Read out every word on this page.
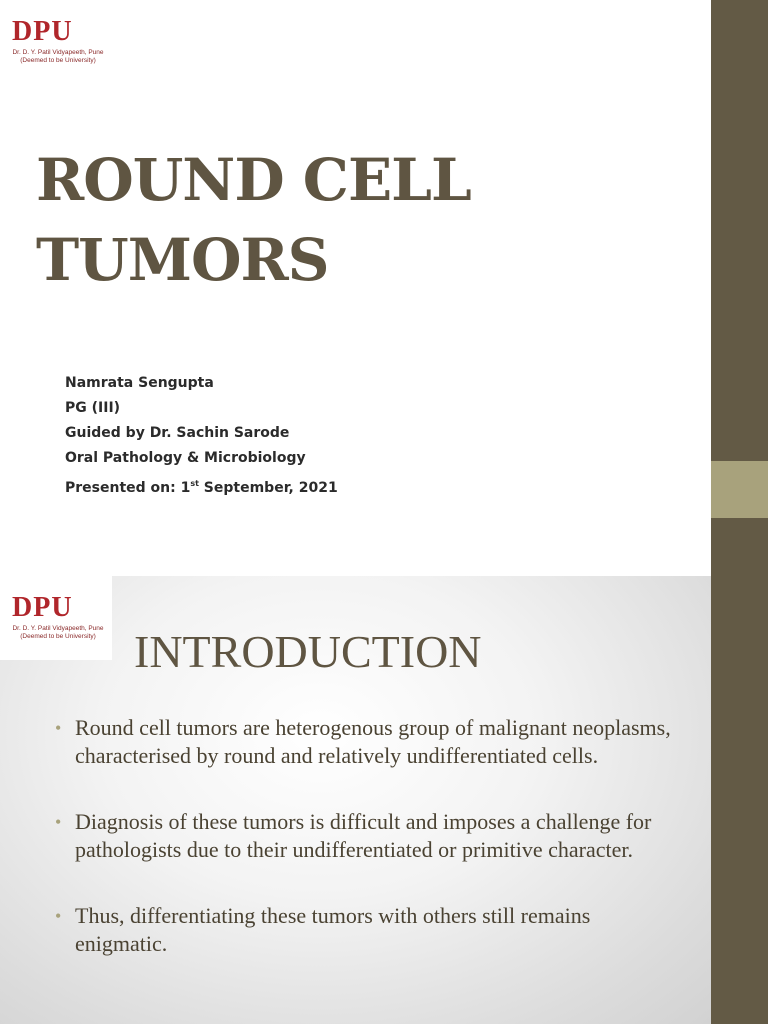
DPU
Dr. D. Y. Patil Vidyapeeth, Pune
(Deemed to be University)
ROUND CELL
TUMORS
Namrata Sengupta
PG (III)
Guided by Dr. Sachin Sarode
Oral Pathology & Microbiology
Presented on: 1st September, 2021
DPU
Dr. D. Y. Patil Vidyapeeth, Pune
(Deemed to be University) INTRODUCTION
• Round cell tumors are heterogenous group of malignant neoplasms, characterised by round and relatively undifferentiated cells.
• Diagnosis of these tumors is difficult and imposes a challenge for pathologists due to their undifferentiated or primitive character.
• Thus, differentiating these tumors with others still remains enigmatic.
